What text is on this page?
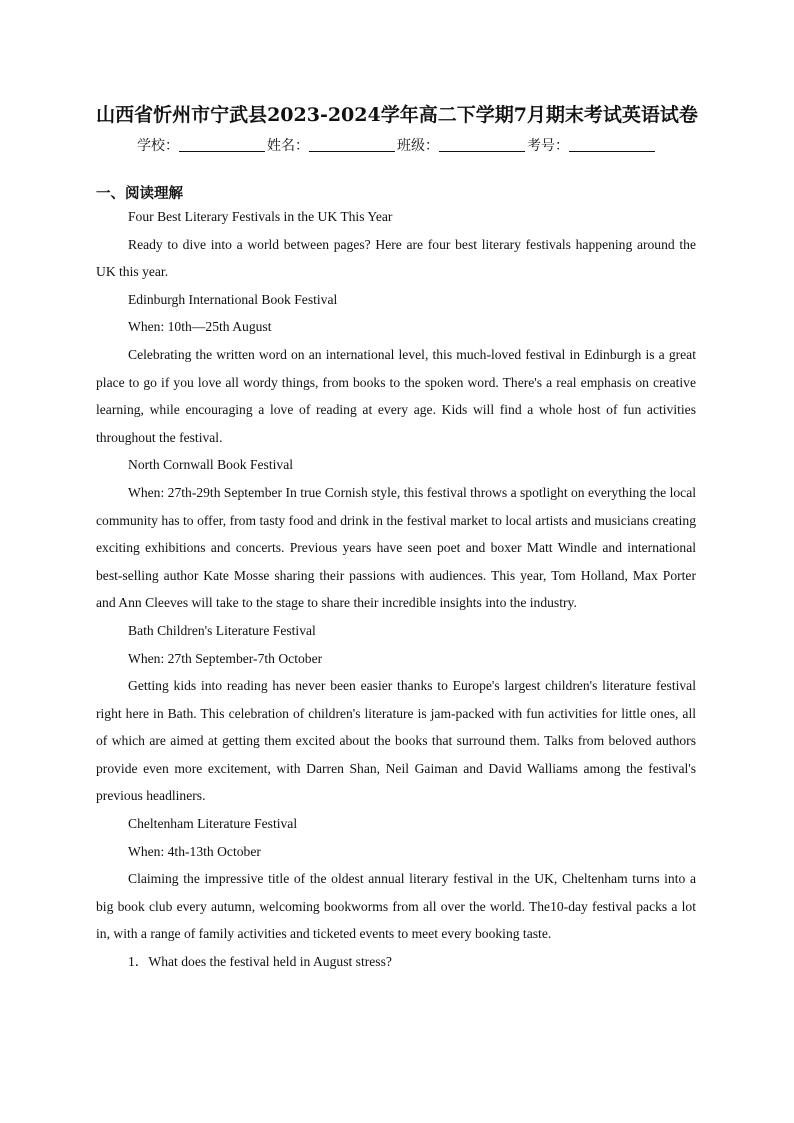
山西省忻州市宁武县2023-2024学年高二下学期7月期末考试英语试卷
学校：	姓名：	班级：	考号：
一、阅读理解

Four Best Literary Festivals in the UK This Year

Ready to dive into a world between pages? Here are four best literary festivals happening around the UK this year.

Edinburgh International Book Festival

When: 10th—25th August

Celebrating the written word on an international level, this much-loved festival in Edinburgh is a great place to go if you love all wordy things, from books to the spoken word. There's a real emphasis on creative learning, while encouraging a love of reading at every age. Kids will find a whole host of fun activities throughout the festival.

North Cornwall Book Festival

When: 27th-29th September In true Cornish style, this festival throws a spotlight on everything the local community has to offer, from tasty food and drink in the festival market to local artists and musicians creating exciting exhibitions and concerts. Previous years have seen poet and boxer Matt Windle and international best-selling author Kate Mosse sharing their passions with audiences. This year, Tom Holland, Max Porter and Ann Cleeves will take to the stage to share their incredible insights into the industry.

Bath Children's Literature Festival

When: 27th September-7th October

Getting kids into reading has never been easier thanks to Europe's largest children's literature festival right here in Bath. This celebration of children's literature is jam-packed with fun activities for little ones, all of which are aimed at getting them excited about the books that surround them. Talks from beloved authors provide even more excitement, with Darren Shan, Neil Gaiman and David Walliams among the festival's previous headliners.

Cheltenham Literature Festival

When: 4th-13th October

Claiming the impressive title of the oldest annual literary festival in the UK, Cheltenham turns into a big book club every autumn, welcoming bookworms from all over the world. The10-day festival packs a lot in, with a range of family activities and ticketed events to meet every booking taste.

1．What does the festival held in August stress?
